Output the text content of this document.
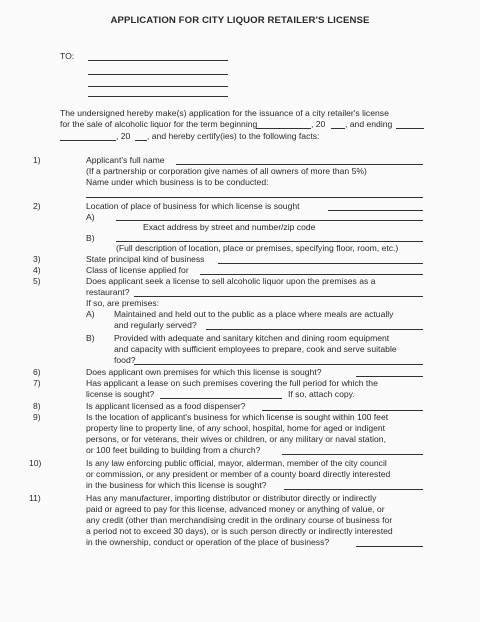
APPLICATION FOR CITY LIQUOR RETAILER'S LICENSE
TO:
The undersigned hereby make(s) application for the issuance of a city retailer's license
for the sale of alcoholic liquor for the term beginning	, 20 , and ending
, 20 , and hereby certify(ies) to the following facts:
1)	Applicant's full name
(If a partnership or corporation give names of all owners of more than 5%)
Name under which business is to be conducted:
2)	Location of place of business for which license is sought
A)
Exact address by street and number/zip code
B)
(Full description of location, place or premises, specifying floor, room, etc.)
3)	State principal kind of business
4)	Class of license applied for
5)	Does applicant seek a license to sell alcoholic liquor upon the premises as a
restaurant?
If so, are premises:
A) Maintained and held out to the public as a place where meals are actually
and regularly served?
B) Provided with adequate and sanitary kitchen and dining room equipment
and capacity with sufficient employees to prepare, cook and serve suitable
food?
6)	Does applicant own premises for which this license is sought?
7)	Has applicant a lease on such premises covering the full period for which the
license is sought?	If so, attach copy.
8)	Is applicant licensed as a food dispenser?
9)	Is the location of applicant's business for which license is sought within 100 feet
property line to property line, of any school, hospital, home for aged or indigent
persons, or for veterans, their wives or children, or any military or naval station,
or 100 feet building to building from a church?
10)	Is any law enforcing public official, mayor, alderman, member of the city council
or commission, or any president or member of a county board directly interested
in the business for which this license is sought?
11)	Has any manufacturer, importing distributor or distributor directly or indirectly
paid or agreed to pay for this license, advanced money or anything of value, or
any credit (other than merchandising credit in the ordinary course of business for
a period not to exceed 30 days), or is such person directly or indirectly interested
in the ownership, conduct or operation of the place of business?
